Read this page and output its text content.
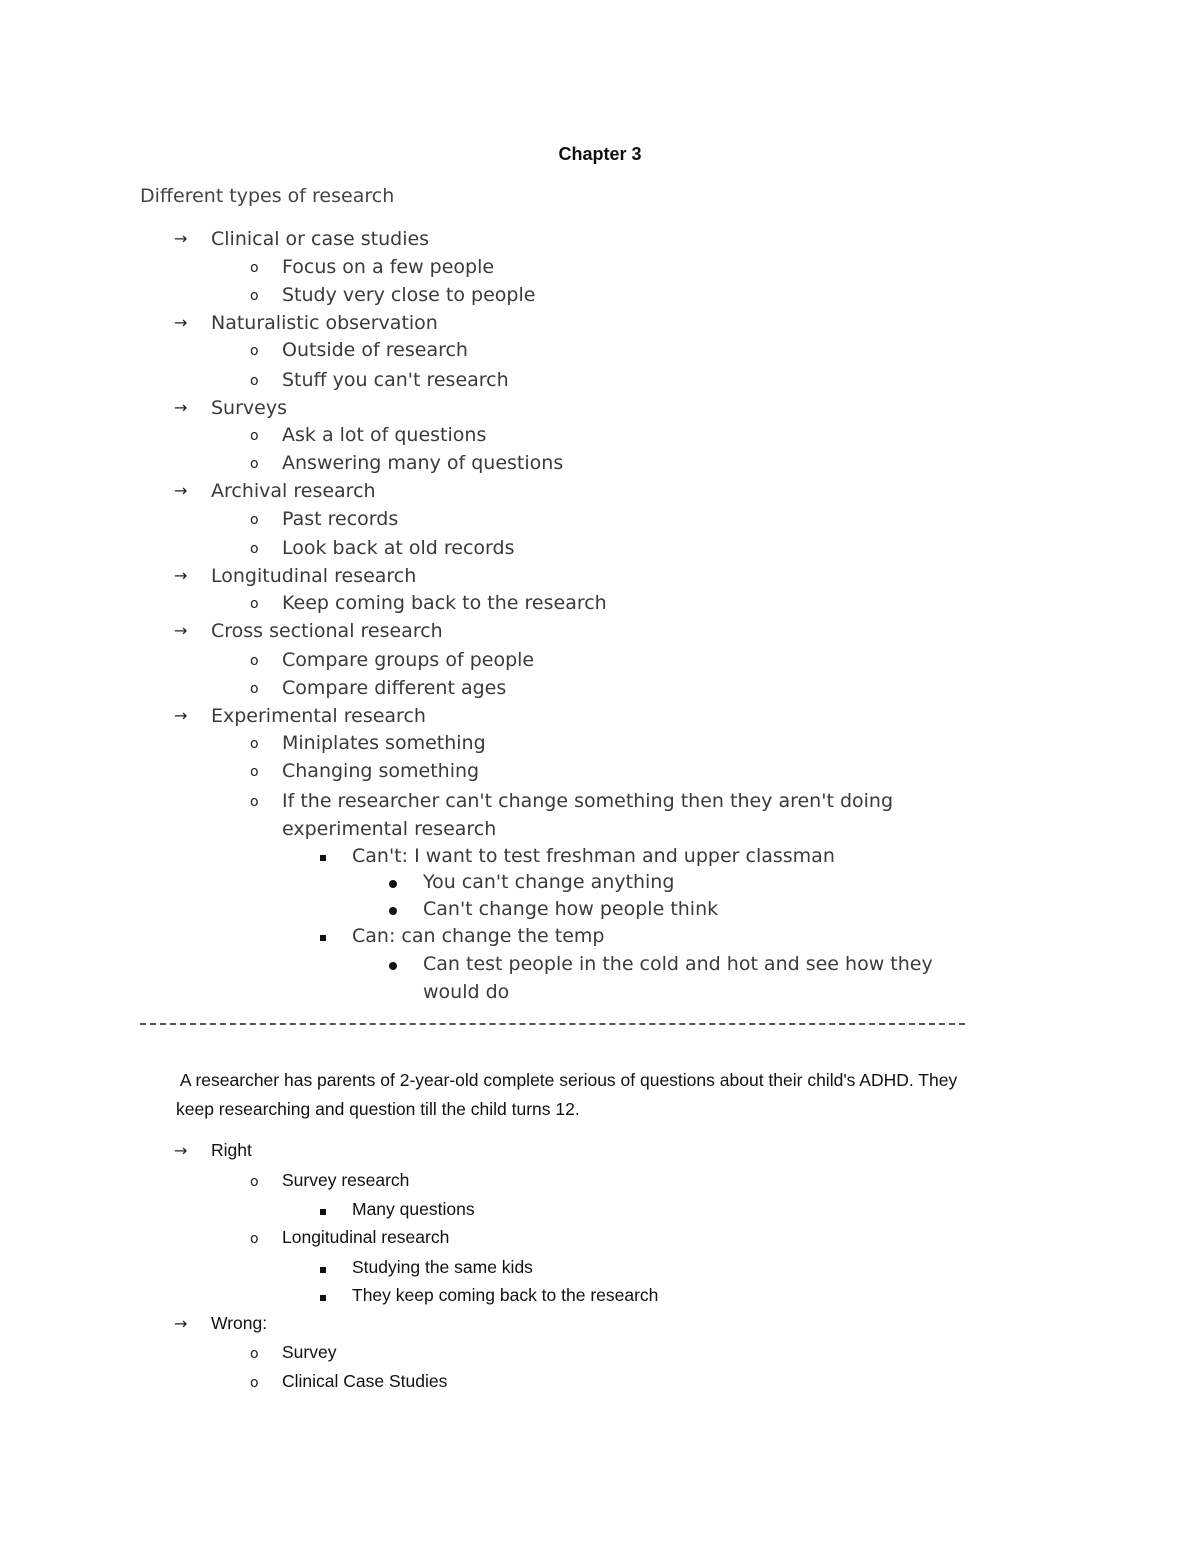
Chapter 3
Different types of research
→ Clinical or case studies
o Focus on a few people
o Study very close to people
→ Naturalistic observation
o Outside of research
o Stuff you can't research
→ Surveys
o Ask a lot of questions
o Answering many of questions
→ Archival research
o Past records
o Look back at old records
→ Longitudinal research
o Keep coming back to the research
→ Cross sectional research
o Compare groups of people
o Compare different ages
→ Experimental research
o Miniplates something
o Changing something
o If the researcher can't change something then they aren't doing
experimental research
Can't: I want to test freshman and upper classman
You can't change anything
Can't change how people think
Can: can change the temp
Can test people in the cold and hot and see how they
would do
A researcher has parents of 2-year-old complete serious of questions about their child's ADHD. They
keep researching and question till the child turns 12.
→ Right
o Survey research
Many questions
o Longitudinal research
Studying the same kids
They keep coming back to the research
→ Wrong:
o Survey
o Clinical Case Studies
